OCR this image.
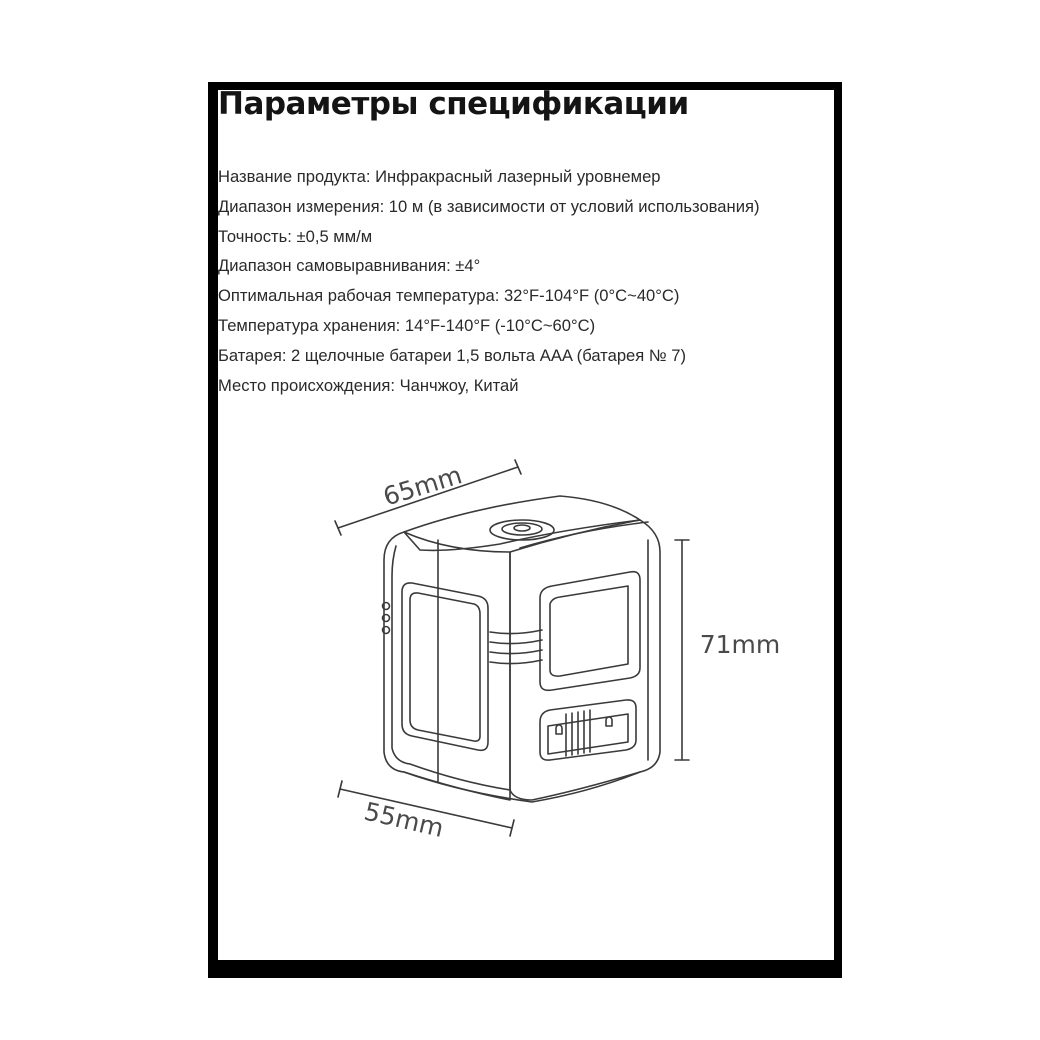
Параметры спецификации
Название продукта: Инфракрасный лазерный уровнемер
Диапазон измерения: 10 м (в зависимости от условий использования)
Точность: ±0,5 мм/м
Диапазон самовыравнивания: ±4°
Оптимальная рабочая температура: 32°F-104°F (0°C~40°C)
Температура хранения: 14°F-140°F (-10°C~60°C)
Батарея: 2 щелочные батареи 1,5 вольта AAA (батарея № 7)
Место происхождения: Чанчжоу, Китай
65mm
71mm
55mm
